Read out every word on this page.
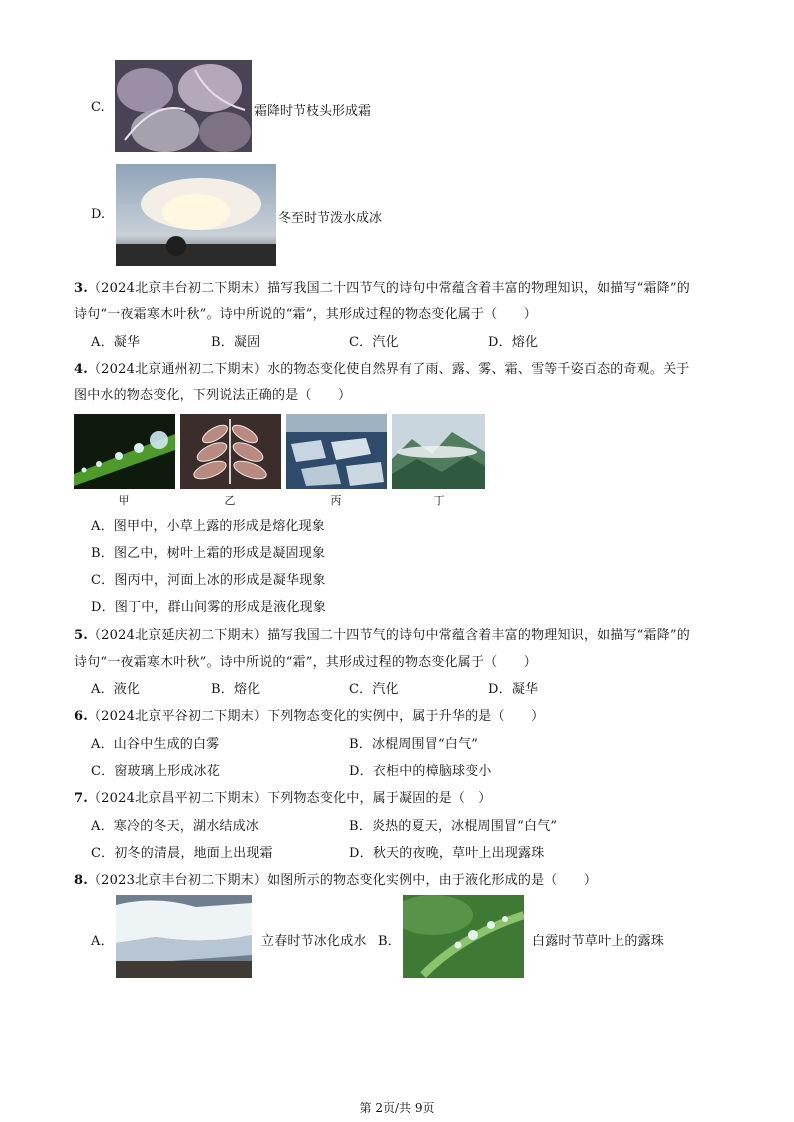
C.	霜降时节枝头形成霜
D.	冬至时节泼水成冰
3.（2024北京丰台初二下期末）描写我国二十四节气的诗句中常蕴含着丰富的物理知识，如描写“霜降”的
诗句“一夜霜寒木叶秋”。诗中所说的“霜”，其形成过程的物态变化属于（　　）
A．凝华	B．凝固	C．汽化	D．熔化
4.（2024北京通州初二下期末）水的物态变化使自然界有了雨、露、雾、霜、雪等千姿百态的奇观。关于
图中水的物态变化，下列说法正确的是（　　）
甲	乙	丙	丁
A．图甲中，小草上露的形成是熔化现象
B．图乙中，树叶上霜的形成是凝固现象
C．图丙中，河面上冰的形成是凝华现象
D．图丁中，群山间雾的形成是液化现象
5.（2024北京延庆初二下期末）描写我国二十四节气的诗句中常蕴含着丰富的物理知识，如描写“霜降”的
诗句“一夜霜寒木叶秋”。诗中所说的“霜”，其形成过程的物态变化属于（　　）
A．液化	B．熔化	C．汽化	D．凝华
6.（2024北京平谷初二下期末）下列物态变化的实例中，属于升华的是（　　）
A．山谷中生成的白雾	B．冰棍周围冒“白气”
C．窗玻璃上形成冰花	D．衣柜中的樟脑球变小
7.（2024北京昌平初二下期末）下列物态变化中，属于凝固的是（　）
A．寒冷的冬天，湖水结成冰	B．炎热的夏天，冰棍周围冒“白气”
C．初冬的清晨，地面上出现霜	D．秋天的夜晚，草叶上出现露珠
8.（2023北京丰台初二下期末）如图所示的物态变化实例中，由于液化形成的是（　　）
A．	立春时节冰化成水 B．	白露时节草叶上的露珠
第 2页/共 9页
